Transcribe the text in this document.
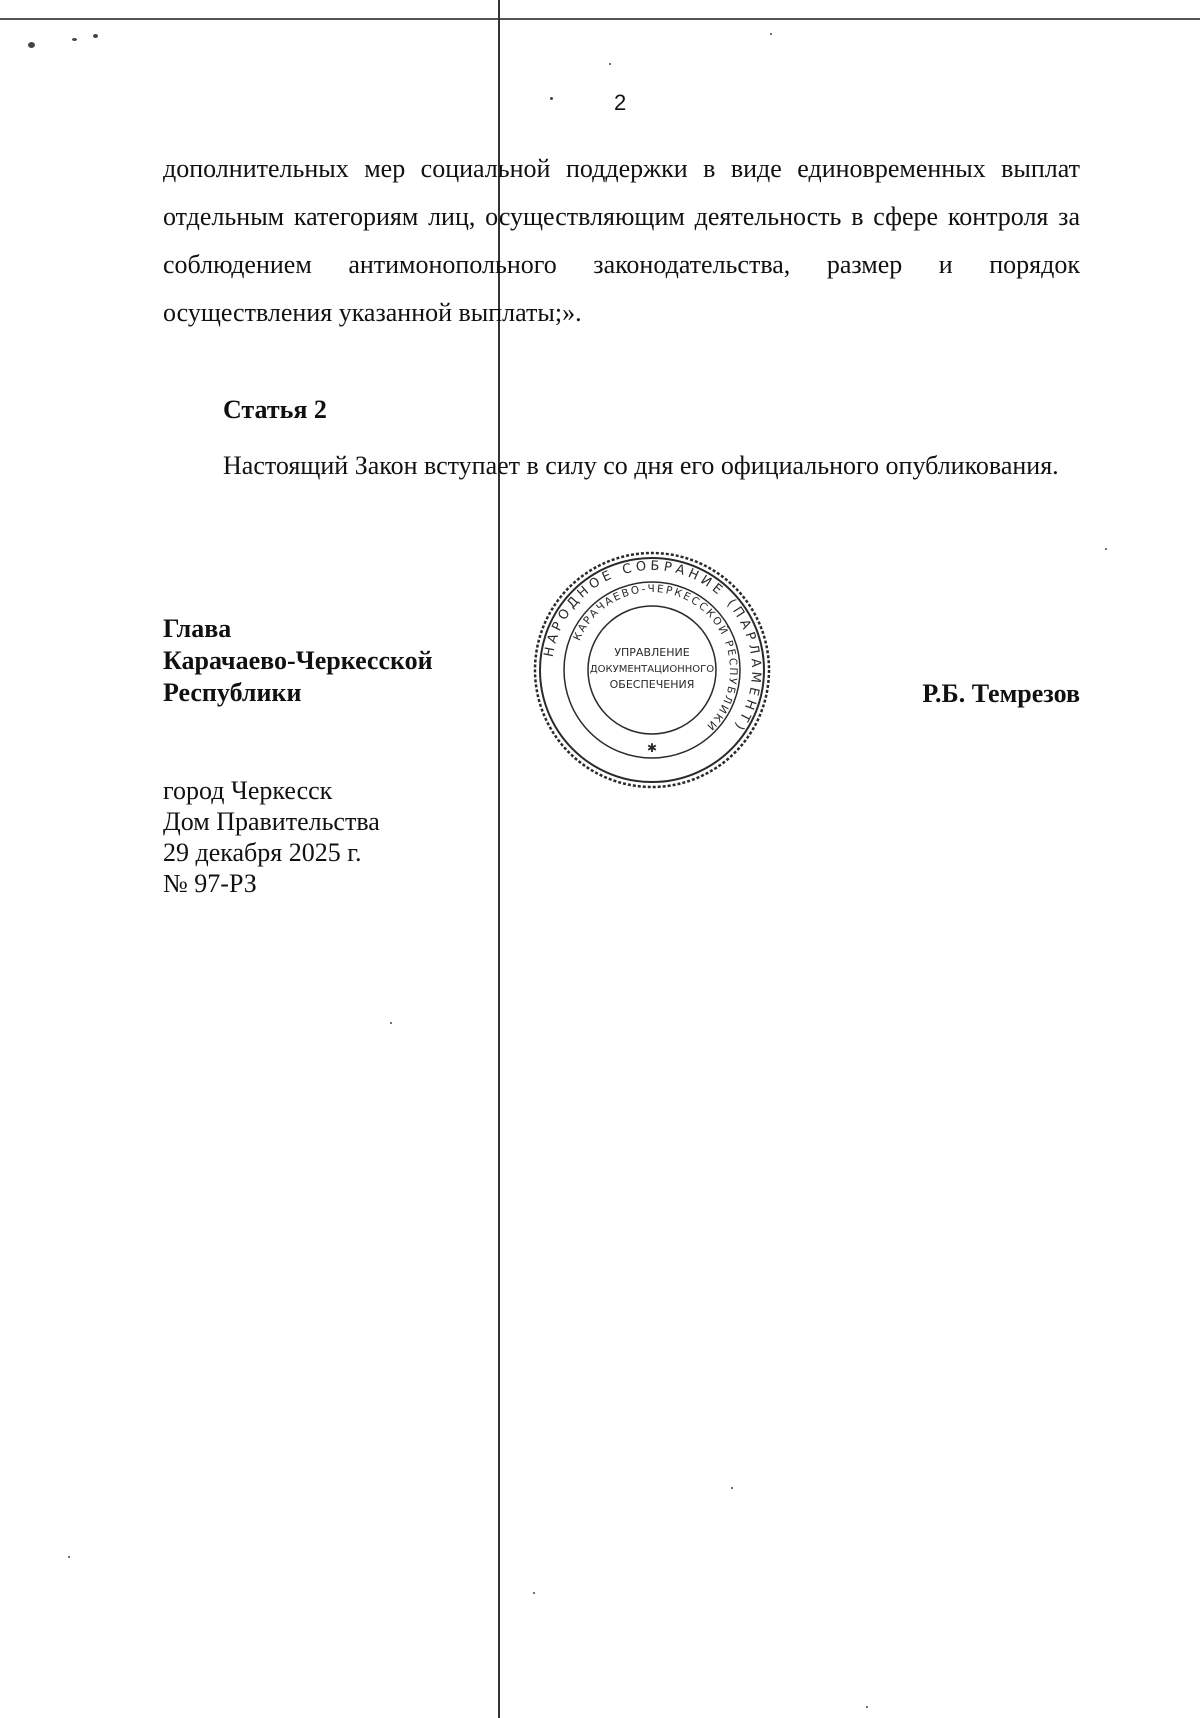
2
дополнительных мер социальной поддержки в виде единовременных выплат отдельным категориям лиц, осуществляющим деятельность в сфере контроля за соблюдением антимонопольного законодательства, размер и порядок осуществления указанной выплаты;».
Статья 2
Настоящий Закон вступает в силу со дня его официального опубликования.
Глава
Карачаево-Черкесской
Республики	Р.Б. Темрезов
город Черкесск
Дом Правительства
29 декабря 2025 г.
№ 97-РЗ
НАРОДНОЕ СОБРАНИЕ (ПАРЛАМЕНТ)
КАРАЧАЕВО-ЧЕРКЕССКОЙ РЕСПУБЛИКИ
УПРАВЛЕНИЕ
ДОКУМЕНТАЦИОННОГО
ОБЕСПЕЧЕНИЯ
✱
